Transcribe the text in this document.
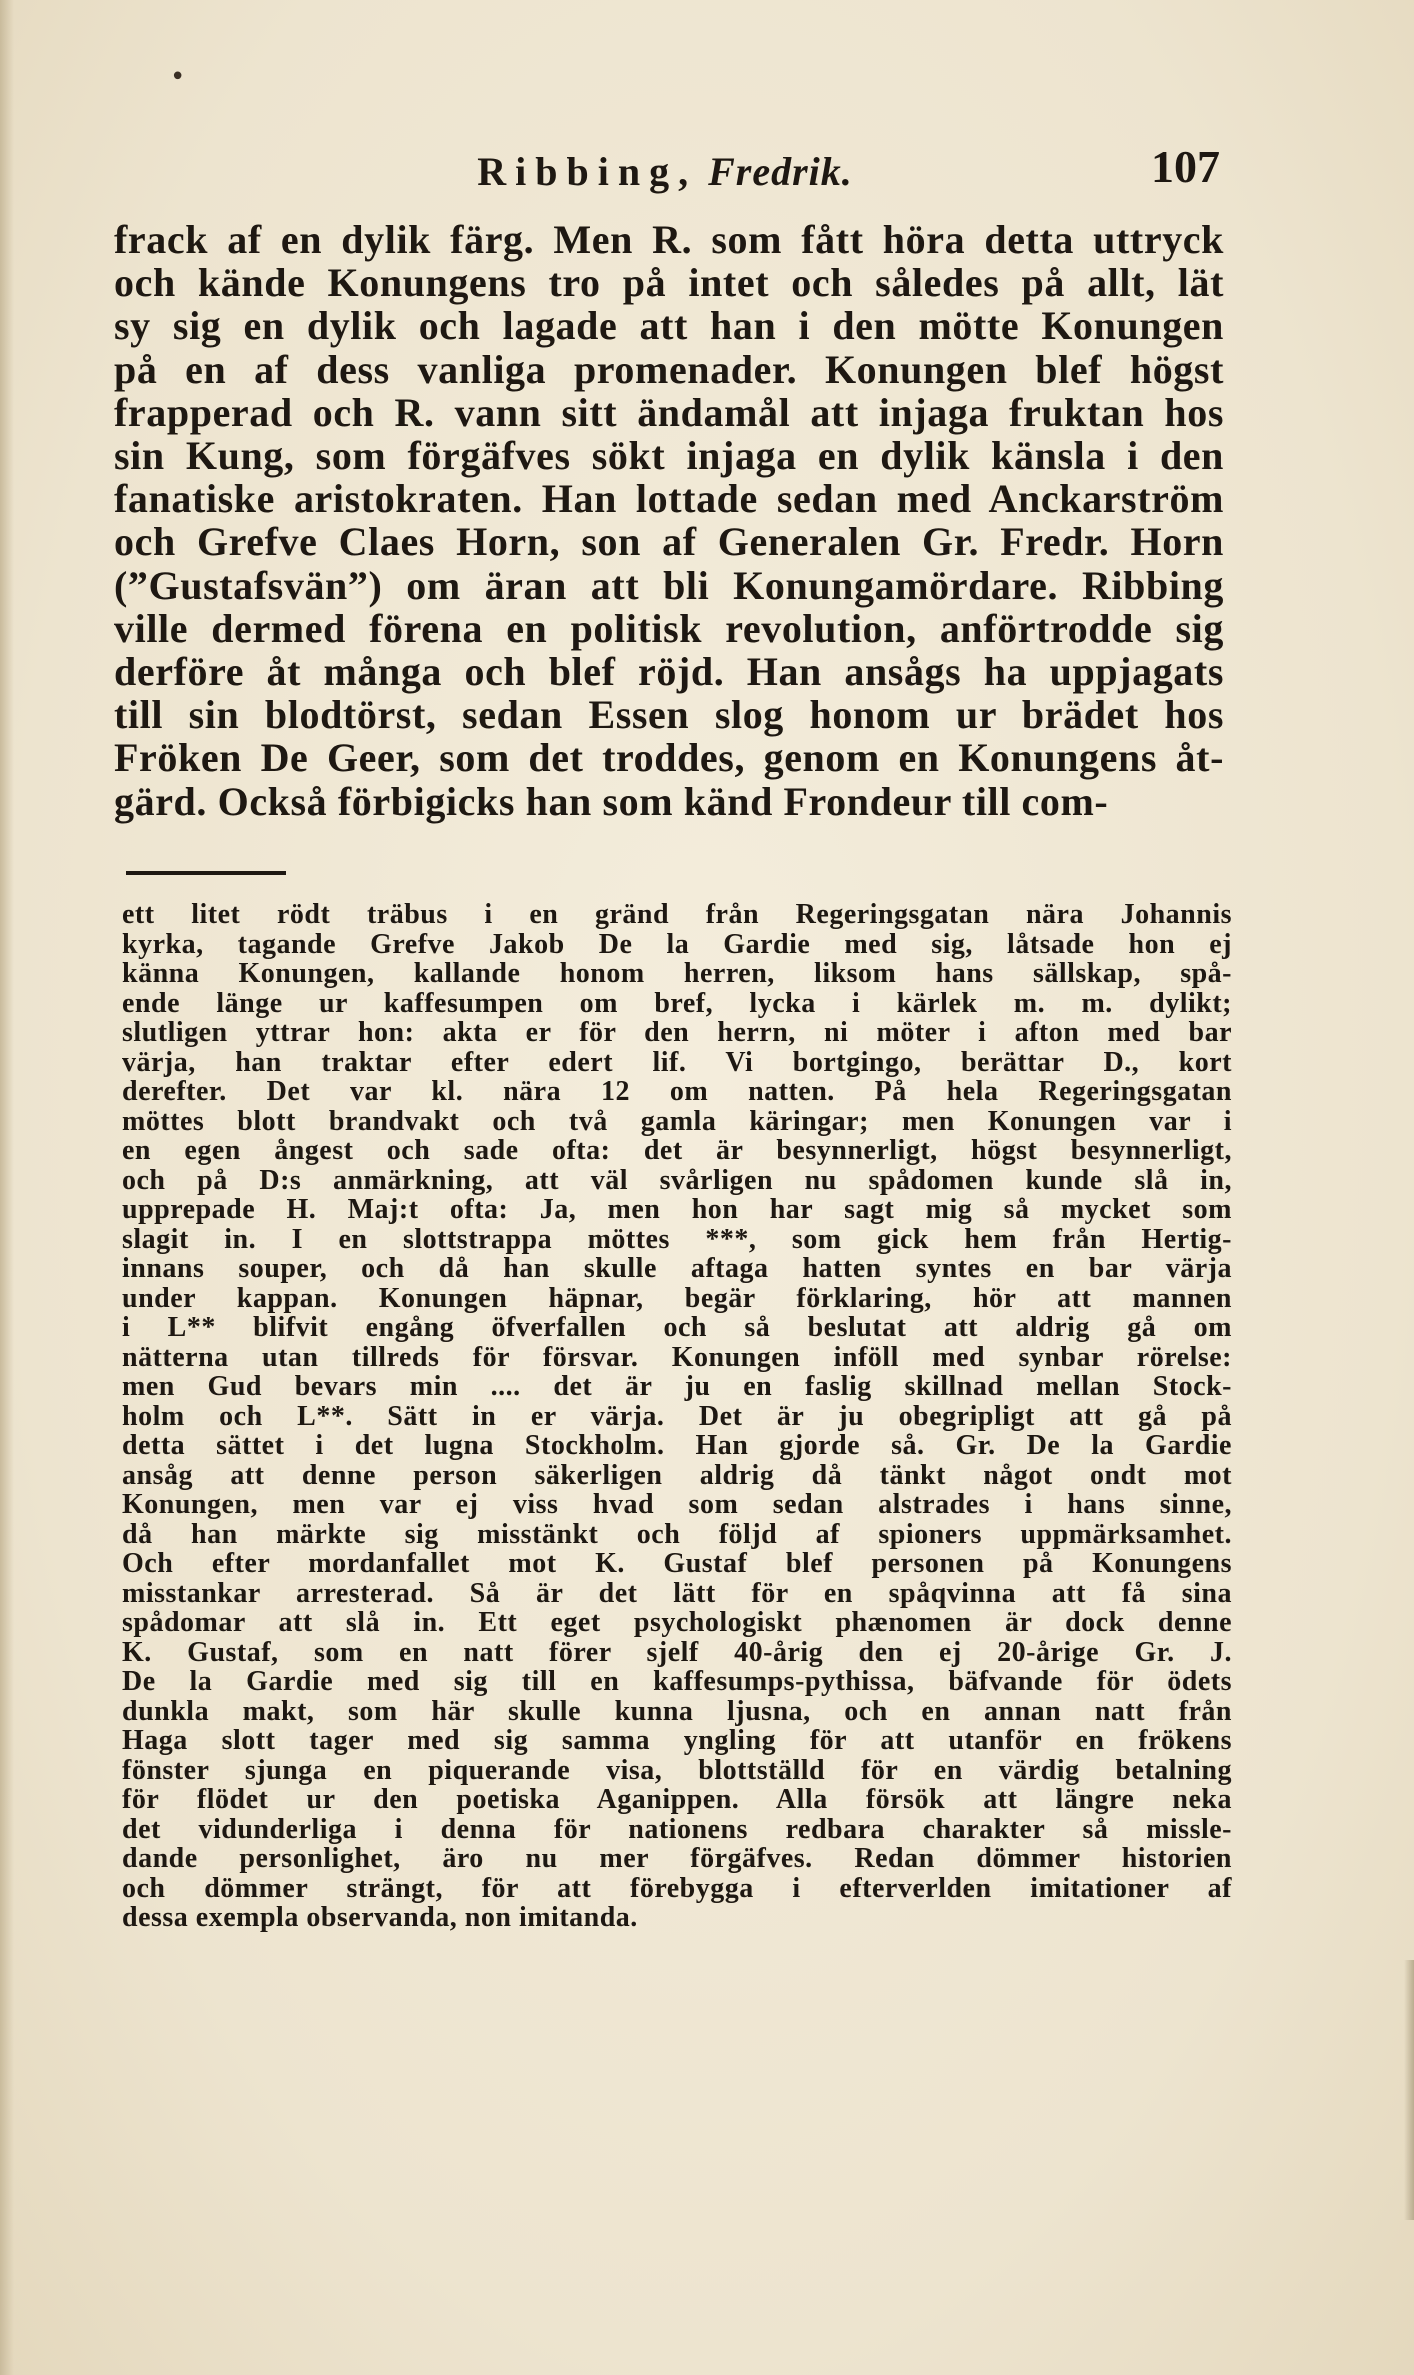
•
Ribbing, Fredrik.	107
frack af en dylik färg. Men R. som fått höra detta uttryck
och kände Konungens tro på intet och således på allt, lät
sy sig en dylik och lagade att han i den mötte Konungen
på en af dess vanliga promenader. Konungen blef högst
frapperad och R. vann sitt ändamål att injaga fruktan hos
sin Kung, som förgäfves sökt injaga en dylik känsla i den
fanatiske aristokraten. Han lottade sedan med Anckarström
och Grefve Claes Horn, son af Generalen Gr. Fredr. Horn
(”Gustafsvän”) om äran att bli Konungamördare. Ribbing
ville dermed förena en politisk revolution, anförtrodde sig
derföre åt många och blef röjd. Han ansågs ha uppjagats
till sin blodtörst, sedan Essen slog honom ur brädet hos
Fröken De Geer, som det troddes, genom en Konungens åt-
gärd. Också förbigicks han som känd Frondeur till com-
ett litet rödt träbus i en gränd från Regeringsgatan nära Johannis
kyrka, tagande Grefve Jakob De la Gardie med sig, låtsade hon ej
känna Konungen, kallande honom herren, liksom hans sällskap, spå-
ende länge ur kaffesumpen om bref, lycka i kärlek m. m. dylikt;
slutligen yttrar hon: akta er för den herrn, ni möter i afton med bar
värja, han traktar efter edert lif. Vi bortgingo, berättar D., kort
derefter. Det var kl. nära 12 om natten. På hela Regeringsgatan
möttes blott brandvakt och två gamla käringar; men Konungen var i
en egen ångest och sade ofta: det är besynnerligt, högst besynnerligt,
och på D:s anmärkning, att väl svårligen nu spådomen kunde slå in,
upprepade H. Maj:t ofta: Ja, men hon har sagt mig så mycket som
slagit in. I en slottstrappa möttes ***, som gick hem från Hertig-
innans souper, och då han skulle aftaga hatten syntes en bar värja
under kappan. Konungen häpnar, begär förklaring, hör att mannen
i L** blifvit engång öfverfallen och så beslutat att aldrig gå om
nätterna utan tillreds för försvar. Konungen inföll med synbar rörelse:
men Gud bevars min .... det är ju en faslig skillnad mellan Stock-
holm och L**. Sätt in er värja. Det är ju obegripligt att gå på
detta sättet i det lugna Stockholm. Han gjorde så. Gr. De la Gardie
ansåg att denne person säkerligen aldrig då tänkt något ondt mot
Konungen, men var ej viss hvad som sedan alstrades i hans sinne,
då han märkte sig misstänkt och följd af spioners uppmärksamhet.
Och efter mordanfallet mot K. Gustaf blef personen på Konungens
misstankar arresterad. Så är det lätt för en spåqvinna att få sina
spådomar att slå in. Ett eget psychologiskt phænomen är dock denne
K. Gustaf, som en natt förer sjelf 40-årig den ej 20-årige Gr. J.
De la Gardie med sig till en kaffesumps-pythissa, bäfvande för ödets
dunkla makt, som här skulle kunna ljusna, och en annan natt från
Haga slott tager med sig samma yngling för att utanför en frökens
fönster sjunga en piquerande visa, blottställd för en värdig betalning
för flödet ur den poetiska Aganippen. Alla försök att längre neka
det vidunderliga i denna för nationens redbara charakter så missle-
dande personlighet, äro nu mer förgäfves. Redan dömmer historien
och dömmer strängt, för att förebygga i efterverlden imitationer af
dessa exempla observanda, non imitanda.
